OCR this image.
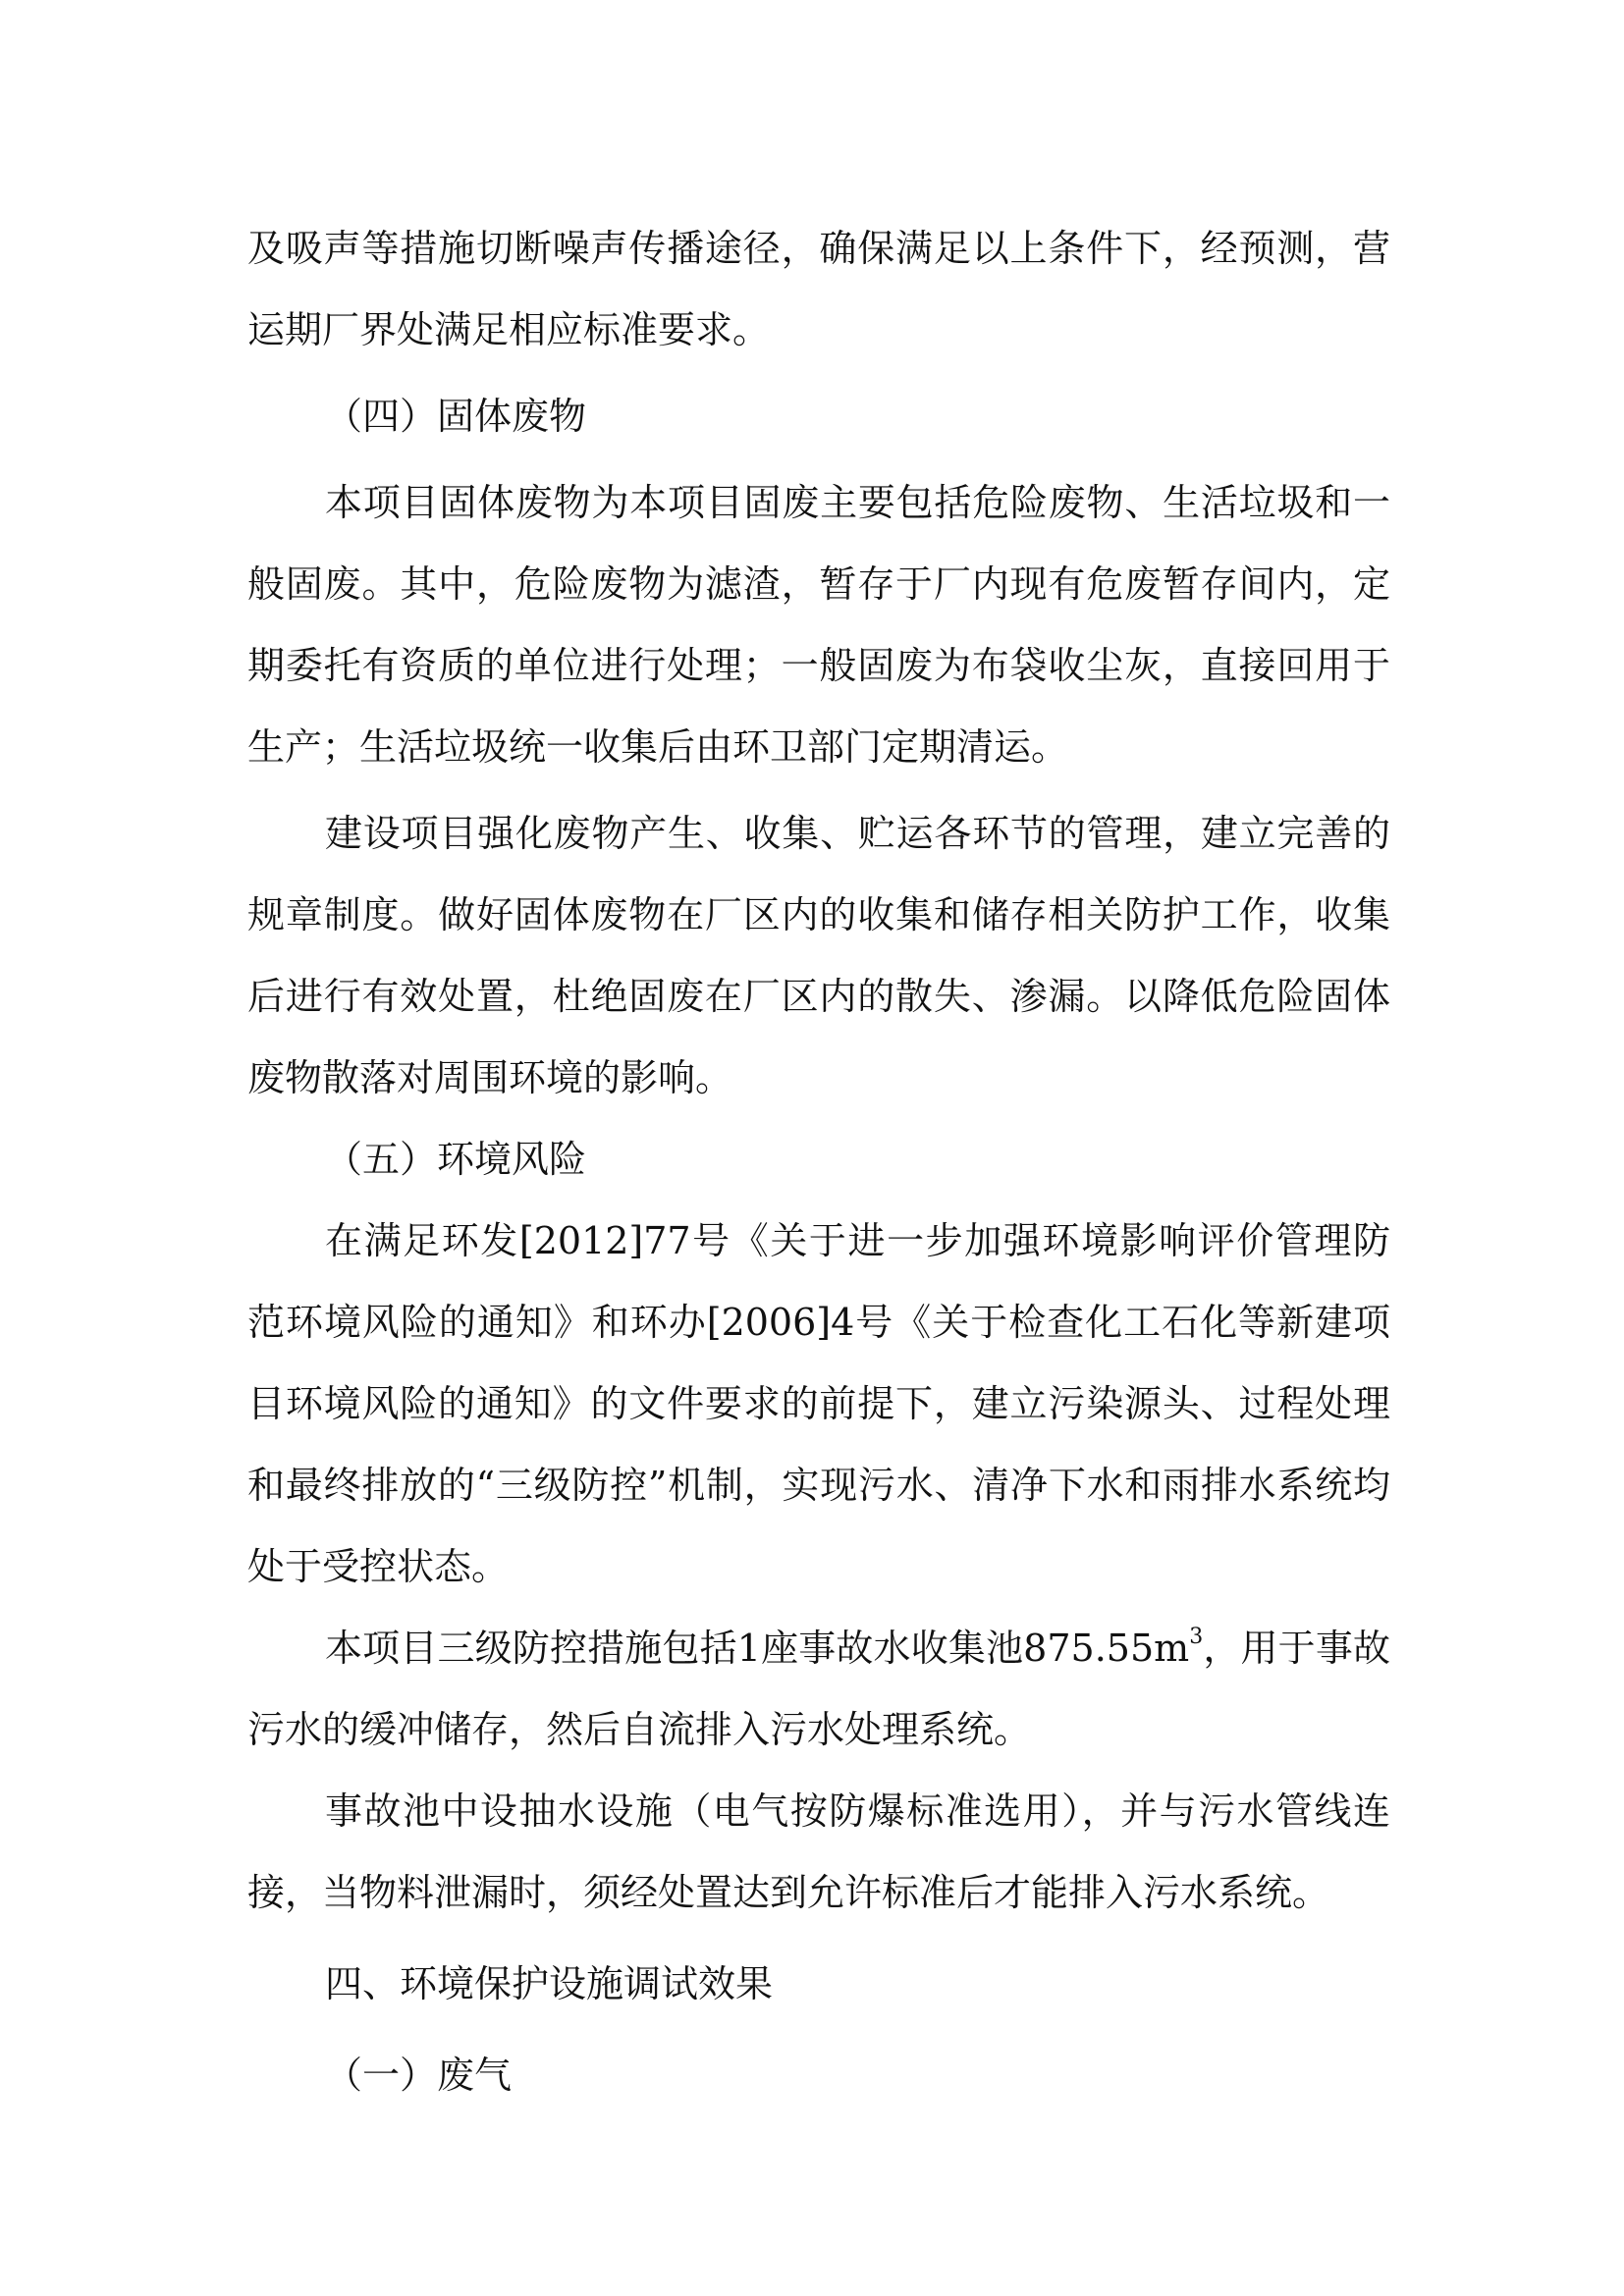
及吸声等措施切断噪声传播途径，确保满足以上条件下，经预测，营运期厂界处满足相应标准要求。

（四）固体废物

本项目固体废物为本项目固废主要包括危险废物、生活垃圾和一般固废。其中，危险废物为滤渣，暂存于厂内现有危废暂存间内，定期委托有资质的单位进行处理；一般固废为布袋收尘灰，直接回用于生产；生活垃圾统一收集后由环卫部门定期清运。

建设项目强化废物产生、收集、贮运各环节的管理，建立完善的规章制度。做好固体废物在厂区内的收集和储存相关防护工作，收集后进行有效处置，杜绝固废在厂区内的散失、渗漏。以降低危险固体废物散落对周围环境的影响。

（五）环境风险

在满足环发[2012]77号《关于进一步加强环境影响评价管理防范环境风险的通知》和环办[2006]4号《关于检查化工石化等新建项目环境风险的通知》的文件要求的前提下，建立污染源头、过程处理和最终排放的“三级防控”机制，实现污水、清净下水和雨排水系统均处于受控状态。

本项目三级防控措施包括1座事故水收集池$875.55m^3$，用于事故污水的缓冲储存，然后自流排入污水处理系统。

事故池中设抽水设施（电气按防爆标准选用），并与污水管线连接，当物料泄漏时，须经处置达到允许标准后才能排入污水系统。

四、环境保护设施调试效果

（一）废气
